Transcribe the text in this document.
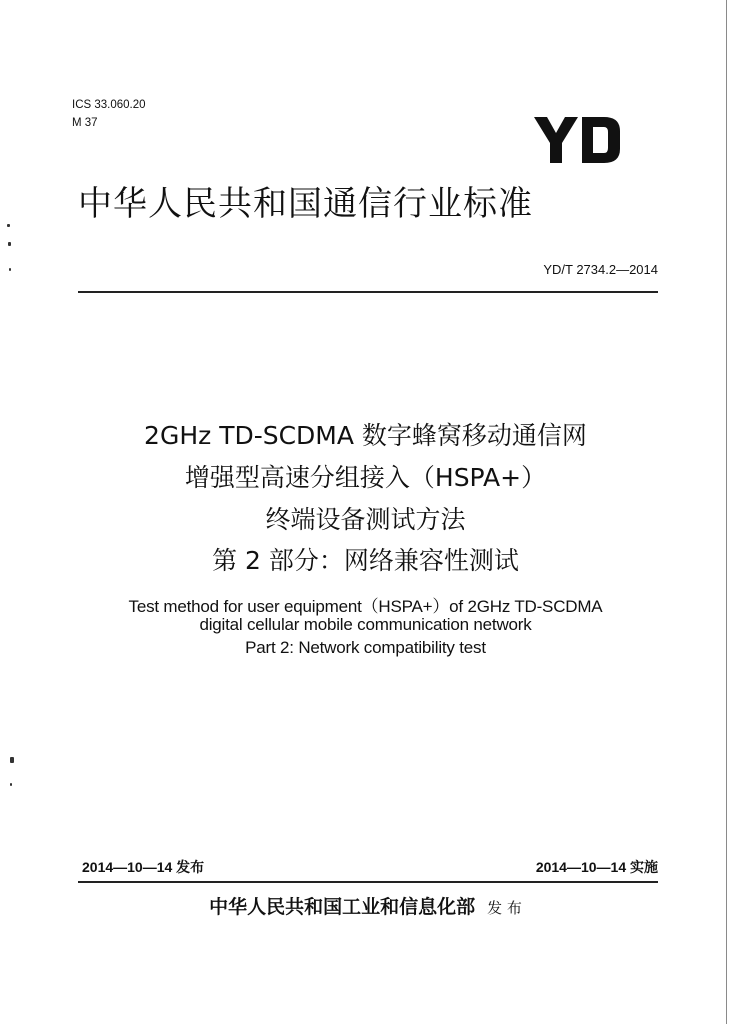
ICS 33.060.20
M 37
中华人民共和国通信行业标准
YD/T 2734.2—2014
2GHz TD-SCDMA 数字蜂窝移动通信网
增强型高速分组接入（HSPA+）
终端设备测试方法
第 2 部分：网络兼容性测试
Test method for user equipment（HSPA+）of 2GHz TD-SCDMA
digital cellular mobile communication network
Part 2: Network compatibility test
2014—10—14 发布	2014—10—14 实施
中华人民共和国工业和信息化部 发 布
